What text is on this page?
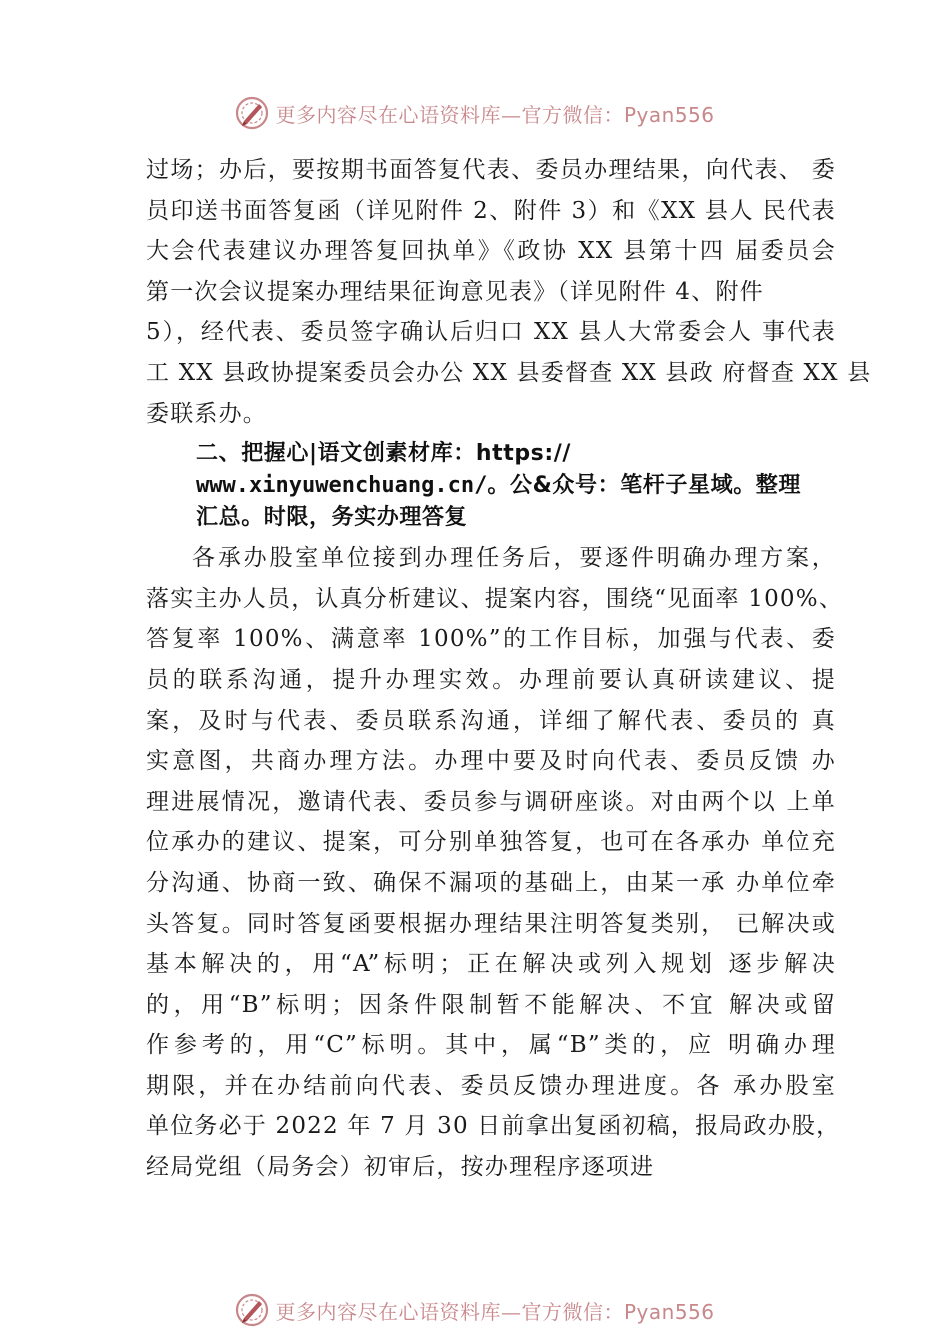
更多内容尽在心语资料库—官方微信：Pyan556
过场；办后，要按期书面答复代表、委员办理结果，向代表、 委
员印送书面答复函（详见附件 2、附件 3）和《XX 县人 民代表
大会代表建议办理答复回执单》《政协 XX 县第十四 届委员会
第一次会议提案办理结果征询意见表》（详见附件 4、附件
5），经代表、委员签字确认后归口 XX 县人大常委会人 事代表
工 XX 县政协提案委员会办公 XX 县委督查 XX 县政 府督查 XX 县
委联系办。
二、把握心|语文创素材库：https://
www.xinyuwenchuang.cn/。公&众号：笔杆子星域。整理
汇总。时限，务实办理答复
各承办股室单位接到办理任务后，要逐件明确办理方案，
落实主办人员，认真分析建议、提案内容，围绕“见面率 100%、
答复率 100%、满意率 100%”的工作目标，加强与代表、委
员的联系沟通，提升办理实效。办理前要认真研读建议、提
案，及时与代表、委员联系沟通，详细了解代表、委员的 真
实意图，共商办理方法。办理中要及时向代表、委员反馈 办
理进展情况，邀请代表、委员参与调研座谈。对由两个以 上单
位承办的建议、提案，可分别单独答复，也可在各承办 单位充
分沟通、协商一致、确保不漏项的基础上，由某一承 办单位牵
头答复。同时答复函要根据办理结果注明答复类别， 已解决或
基本解决的，用“A”标明；正在解决或列入规划 逐步解决
的，用“B”标明；因条件限制暂不能解决、不宜 解决或留
作参考的，用“C”标明。其中，属“B”类的，应 明确办理
期限，并在办结前向代表、委员反馈办理进度。各 承办股室
单位务必于 2022 年 7 月 30 日前拿出复函初稿，报局政办股，
经局党组（局务会）初审后，按办理程序逐项进
更多内容尽在心语资料库—官方微信：Pyan556
